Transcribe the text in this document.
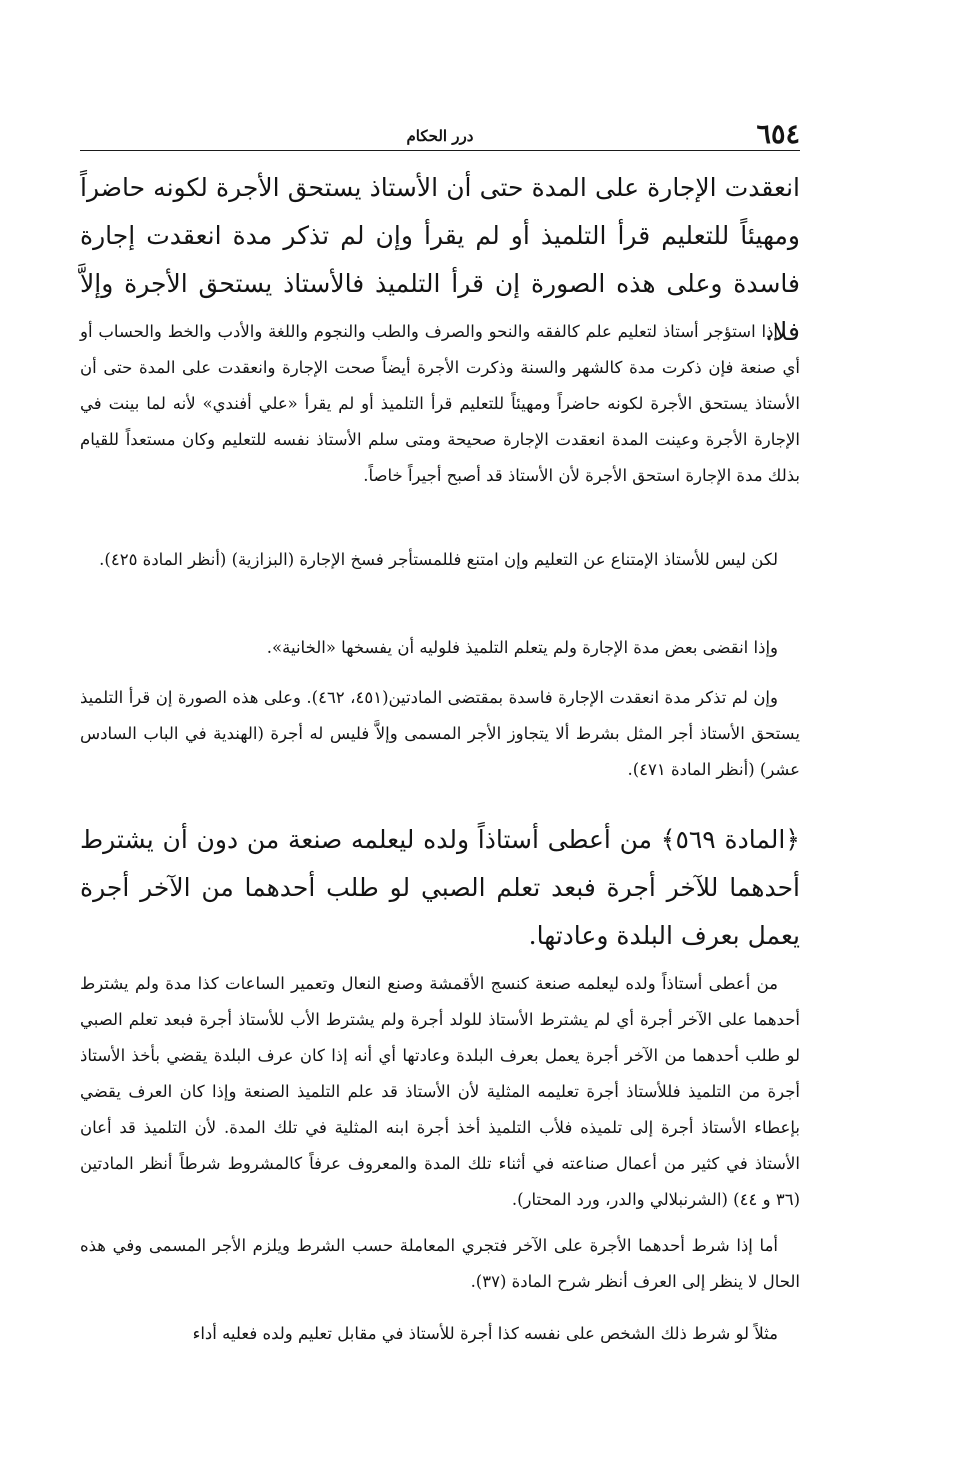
٦٥٤
درر الحكام

انعقدت الإجارة على المدة حتى أن الأستاذ يستحق الأجرة لكونه حاضراً ومهيئاً للتعليم قرأ التلميذ أو لم يقرأ وإن لم تذكر مدة انعقدت إجارة فاسدة وعلى هذه الصورة إن قرأ التلميذ فالأستاذ يستحق الأجرة وإلاَّ فلا.

إذا استؤجر أستاذ لتعليم علم كالفقه والنحو والصرف والطب والنجوم واللغة والأدب والخط والحساب أو أي صنعة فإن ذكرت مدة كالشهر والسنة وذكرت الأجرة أيضاً صحت الإجارة وانعقدت على المدة حتى أن الأستاذ يستحق الأجرة لكونه حاضراً ومهيئاً للتعليم قرأ التلميذ أو لم يقرأ «علي أفندي» لأنه لما بينت في الإجارة الأجرة وعينت المدة انعقدت الإجارة صحيحة ومتى سلم الأستاذ نفسه للتعليم وكان مستعداً للقيام بذلك مدة الإجارة استحق الأجرة لأن الأستاذ قد أصبح أجيراً خاصاً.

لكن ليس للأستاذ الإمتناع عن التعليم وإن امتنع فللمستأجر فسخ الإجارة (البزازية) (أنظر المادة ٤٢٥).

وإذا انقضى بعض مدة الإجارة ولم يتعلم التلميذ فلوليه أن يفسخها «الخانية».

وإن لم تذكر مدة انعقدت الإجارة فاسدة بمقتضى المادتين(٤٥١، ٤٦٢). وعلى هذه الصورة إن قرأ التلميذ يستحق الأستاذ أجر المثل بشرط ألا يتجاوز الأجر المسمى وإلاَّ فليس له أجرة (الهندية في الباب السادس عشر) (أنظر المادة ٤٧١).

﴿المادة ٥٦٩﴾ من أعطى أستاذاً ولده ليعلمه صنعة من دون أن يشترط أحدهما للآخر أجرة فبعد تعلم الصبي لو طلب أحدهما من الآخر أجرة يعمل بعرف البلدة وعادتها.

من أعطى أستاذاً ولده ليعلمه صنعة كنسج الأقمشة وصنع النعال وتعمير الساعات كذا مدة ولم يشترط أحدهما على الآخر أجرة أي لم يشترط الأستاذ للولد أجرة ولم يشترط الأب للأستاذ أجرة فبعد تعلم الصبي لو طلب أحدهما من الآخر أجرة يعمل بعرف البلدة وعادتها أي أنه إذا كان عرف البلدة يقضي بأخذ الأستاذ أجرة من التلميذ فللأستاذ أجرة تعليمه المثلية لأن الأستاذ قد علم التلميذ الصنعة وإذا كان العرف يقضي بإعطاء الأستاذ أجرة إلى تلميذه فلأب التلميذ أخذ أجرة ابنه المثلية في تلك المدة. لأن التلميذ قد أعان الأستاذ في كثير من أعمال صناعته في أثناء تلك المدة والمعروف عرفاً كالمشروط شرطاً أنظر المادتين (٣٦ و ٤٤) (الشرنبلالي والدر، ورد المحتار).

أما إذا شرط أحدهما الأجرة على الآخر فتجري المعاملة حسب الشرط ويلزم الأجر المسمى وفي هذه الحال لا ينظر إلى العرف أنظر شرح المادة (٣٧).

مثلاً لو شرط ذلك الشخص على نفسه كذا أجرة للأستاذ في مقابل تعليم ولده فعليه أداء
